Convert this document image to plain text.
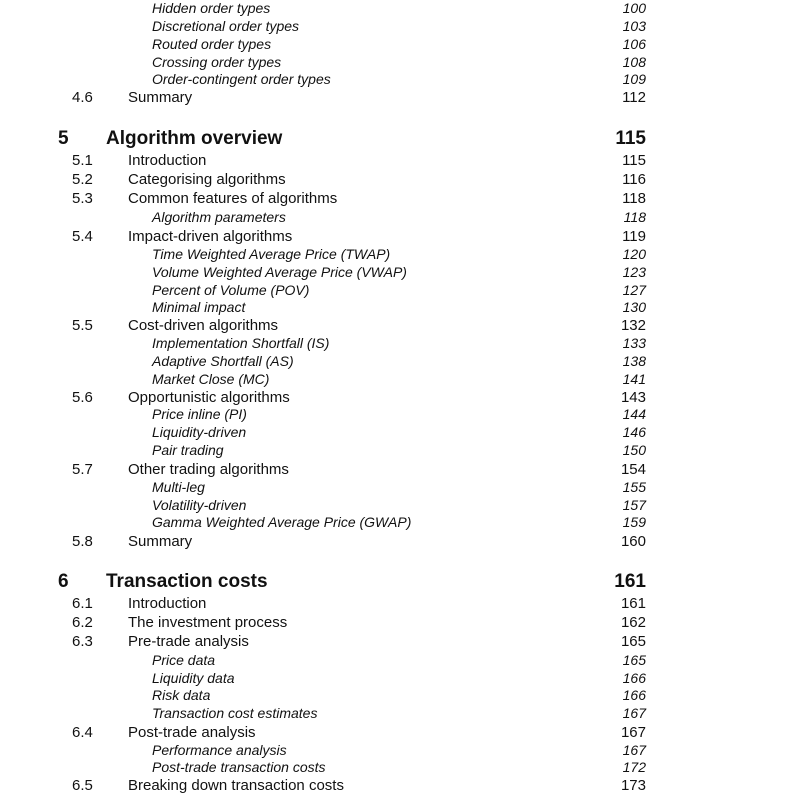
Hidden order types	100
Discretional order types	103
Routed order types	106
Crossing order types	108
Order-contingent order types	109
4.6 Summary	112
5 Algorithm overview	115
5.1 Introduction	115
5.2 Categorising algorithms	116
5.3 Common features of algorithms	118
Algorithm parameters	118
5.4 Impact-driven algorithms	119
Time Weighted Average Price (TWAP)	120
Volume Weighted Average Price (VWAP)	123
Percent of Volume (POV)	127
Minimal impact	130
5.5 Cost-driven algorithms	132
Implementation Shortfall (IS)	133
Adaptive Shortfall (AS)	138
Market Close (MC)	141
5.6 Opportunistic algorithms	143
Price inline (PI)	144
Liquidity-driven	146
Pair trading	150
5.7 Other trading algorithms	154
Multi-leg	155
Volatility-driven	157
Gamma Weighted Average Price (GWAP)	159
5.8 Summary	160
6 Transaction costs	161
6.1 Introduction	161
6.2 The investment process	162
6.3 Pre-trade analysis	165
Price data	165
Liquidity data	166
Risk data	166
Transaction cost estimates	167
6.4 Post-trade analysis	167
Performance analysis	167
Post-trade transaction costs	172
6.5 Breaking down transaction costs	173
